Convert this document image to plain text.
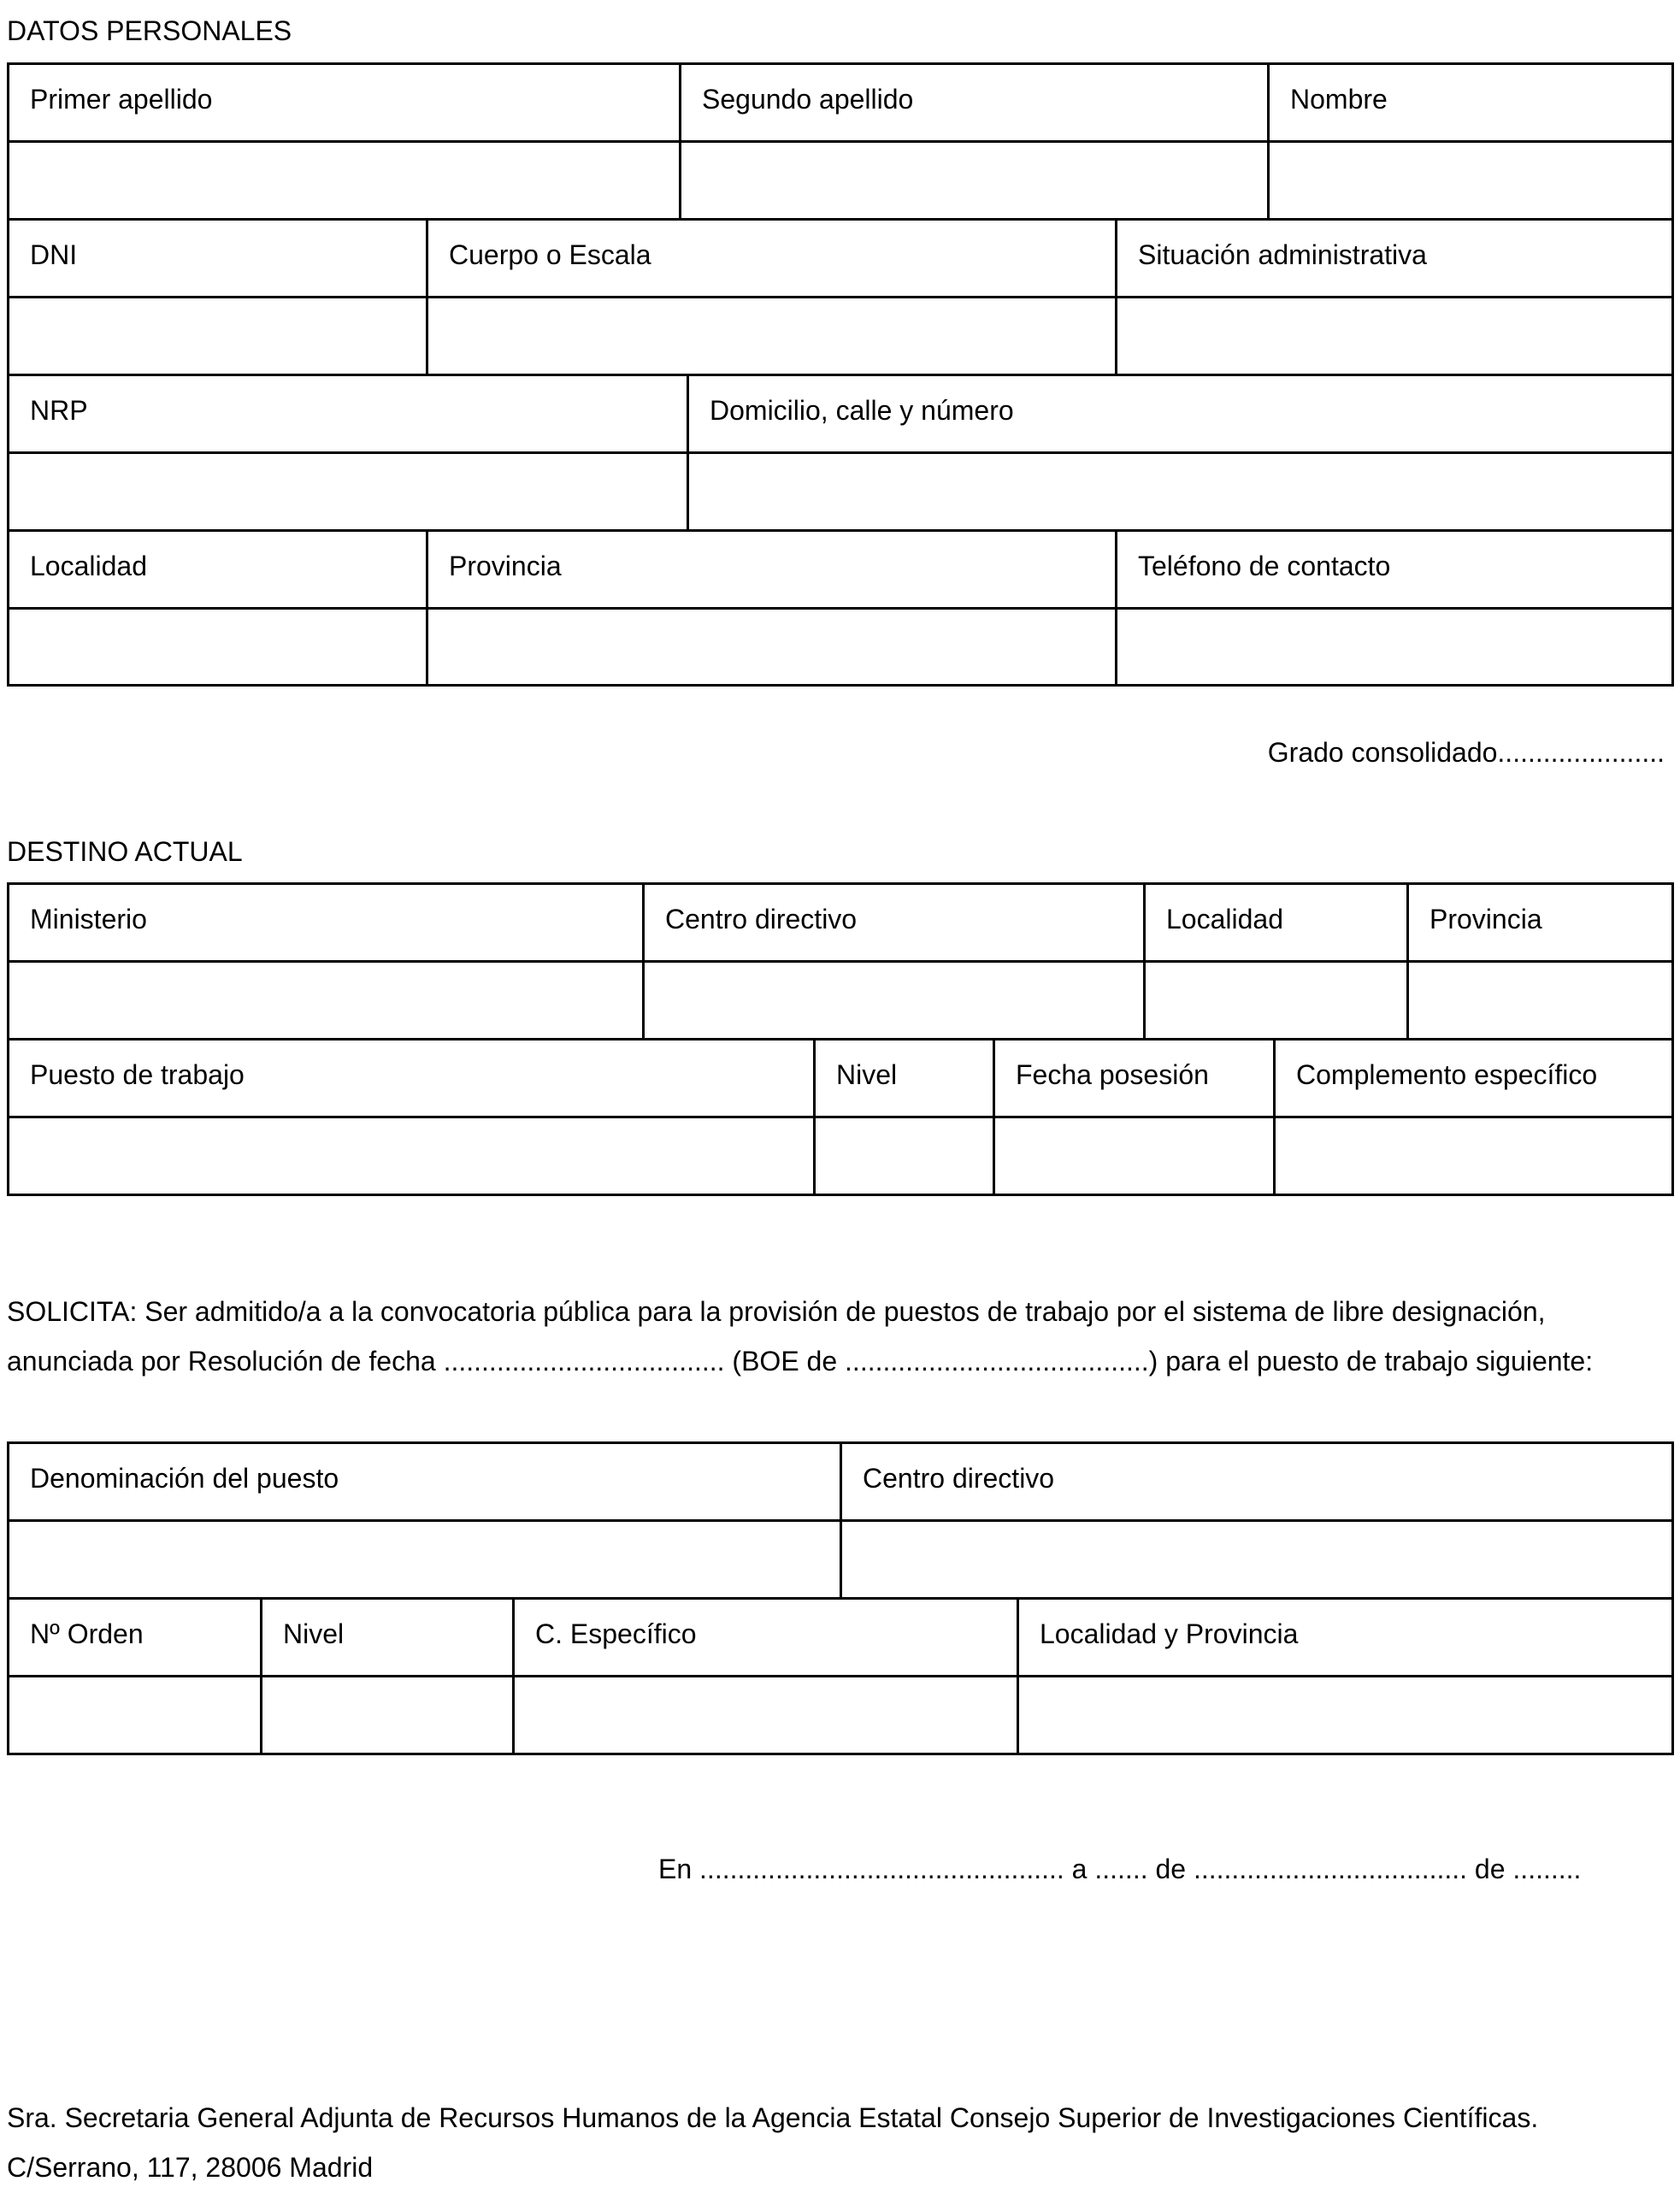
DATOS PERSONALES
Primer apellido	Segundo apellido	Nombre
DNI	Cuerpo o Escala	Situación administrativa
NRP	Domicilio, calle y número
Localidad	Provincia	Teléfono de contacto
Grado consolidado......................
DESTINO ACTUAL
Ministerio	Centro directivo	Localidad	Provincia
Puesto de trabajo	Nivel	Fecha posesión	Complemento específico
SOLICITA: Ser admitido/a a la convocatoria pública para la provisión de puestos de trabajo por el sistema de libre designación,
anunciada por Resolución de fecha ..................................... (BOE de ........................................) para el puesto de trabajo siguiente:
Denominación del puesto	Centro directivo
Nº Orden	Nivel	C. Específico	Localidad y Provincia
En ................................................ a ....... de .................................... de .........
Sra. Secretaria General Adjunta de Recursos Humanos de la Agencia Estatal Consejo Superior de Investigaciones Científicas.
C/Serrano, 117, 28006 Madrid
